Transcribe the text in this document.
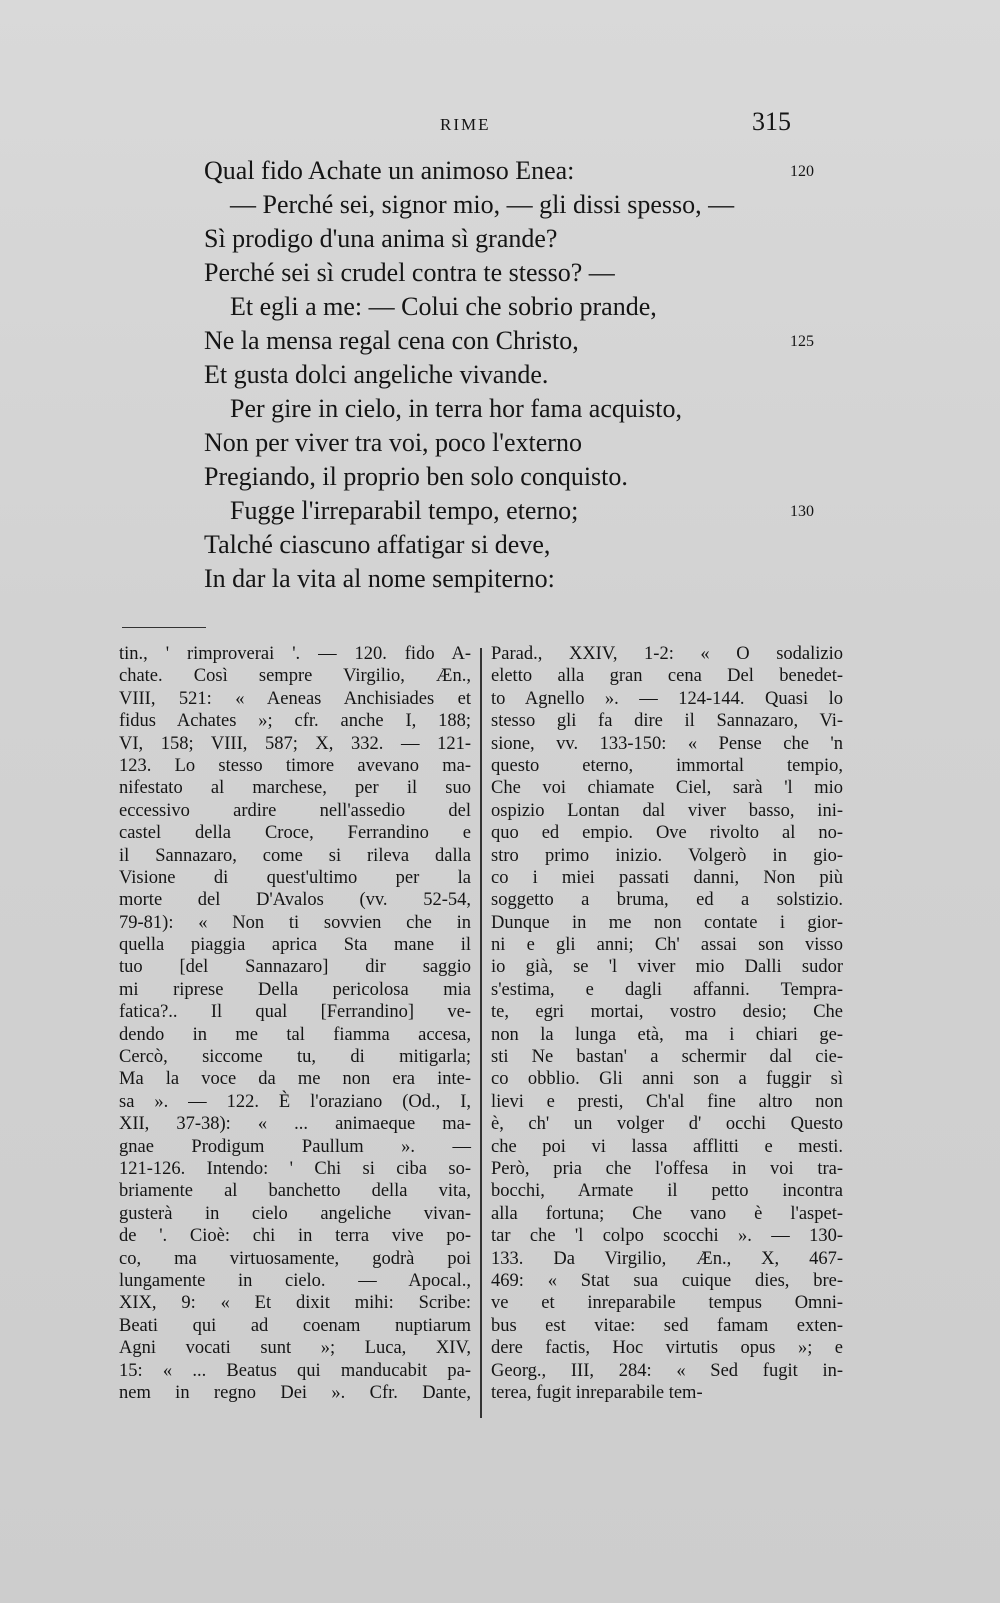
RIME	315
Qual fido Achate un animoso Enea:	120
— Perché sei, signor mio, — gli dissi spesso, —
Sì prodigo d'una anima sì grande?
Perché sei sì crudel contra te stesso? —
Et egli a me: — Colui che sobrio prande,
Ne la mensa regal cena con Christo,	125
Et gusta dolci angeliche vivande.
Per gire in cielo, in terra hor fama acquisto,
Non per viver tra voi, poco l'externo
Pregiando, il proprio ben solo conquisto.
Fugge l'irreparabil tempo, eterno;	130
Talché ciascuno affatigar si deve,
In dar la vita al nome sempiterno:
tin., ' rimproverai '. — 120. fido A-
chate. Così sempre Virgilio, Æn.,
VIII, 521: « Aeneas Anchisiades et
fidus Achates »; cfr. anche I, 188;
VI, 158; VIII, 587; X, 332. — 121-
123. Lo stesso timore avevano ma-
nifestato al marchese, per il suo
eccessivo ardire nell'assedio del
castel della Croce, Ferrandino e
il Sannazaro, come si rileva dalla
Visione di quest'ultimo per la
morte del D'Avalos (vv. 52-54,
79-81): « Non ti sovvien che in
quella piaggia aprica Sta mane il
tuo [del Sannazaro] dir saggio
mi riprese Della pericolosa mia
fatica?.. Il qual [Ferrandino] ve-
dendo in me tal fiamma accesa,
Cercò, siccome tu, di mitigarla;
Ma la voce da me non era inte-
sa ». — 122. È l'oraziano (Od., I,
XII, 37-38): « ... animaeque ma-
gnae Prodigum Paullum ». —
121-126. Intendo: ' Chi si ciba so-
briamente al banchetto della vita,
gusterà in cielo angeliche vivan-
de '. Cioè: chi in terra vive po-
co, ma virtuosamente, godrà poi
lungamente in cielo. — Apocal.,
XIX, 9: « Et dixit mihi: Scribe:
Beati qui ad coenam nuptiarum
Agni vocati sunt »; Luca, XIV,
15: « ... Beatus qui manducabit pa-
nem in regno Dei ». Cfr. Dante,
Parad., XXIV, 1-2: « O sodalizio
eletto alla gran cena Del benedet-
to Agnello ». — 124-144. Quasi lo
stesso gli fa dire il Sannazaro, Vi-
sione, vv. 133-150: « Pense che 'n
questo eterno, immortal tempio,
Che voi chiamate Ciel, sarà 'l mio
ospizio Lontan dal viver basso, ini-
quo ed empio. Ove rivolto al no-
stro primo inizio. Volgerò in gio-
co i miei passati danni, Non più
soggetto a bruma, ed a solstizio.
Dunque in me non contate i gior-
ni e gli anni; Ch' assai son visso
io già, se 'l viver mio Dalli sudor
s'estima, e dagli affanni. Tempra-
te, egri mortai, vostro desio; Che
non la lunga età, ma i chiari ge-
sti Ne bastan' a schermir dal cie-
co obblio. Gli anni son a fuggir sì
lievi e presti, Ch'al fine altro non
è, ch' un volger d' occhi Questo
che poi vi lassa afflitti e mesti.
Però, pria che l'offesa in voi tra-
bocchi, Armate il petto incontra
alla fortuna; Che vano è l'aspet-
tar che 'l colpo scocchi ». — 130-
133. Da Virgilio, Æn., X, 467-
469: « Stat sua cuique dies, bre-
ve et inreparabile tempus Omni-
bus est vitae: sed famam exten-
dere factis, Hoc virtutis opus »; e
Georg., III, 284: « Sed fugit in-
terea, fugit inreparabile tem-
